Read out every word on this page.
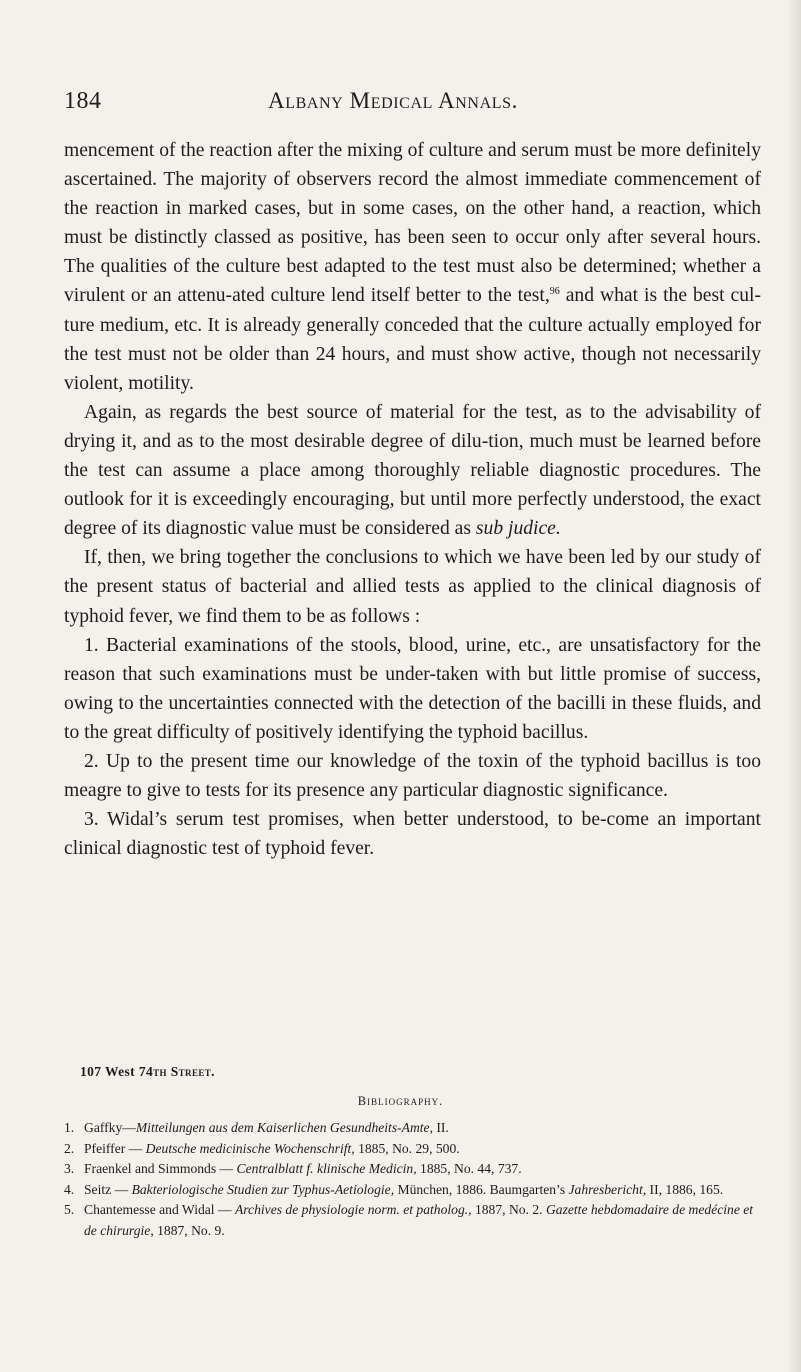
184	Albany Medical Annals.

mencement of the reaction after the mixing of culture and serum must be more definitely ascertained. The majority of observers record the almost immediate commencement of the reaction in marked cases, but in some cases, on the other hand, a reaction, which must be distinctly classed as positive, has been seen to occur only after several hours. The qualities of the culture best adapted to the test must also be determined; whether a virulent or an attenu-ated culture lend itself better to the test,$^{96}$ and what is the best cul-ture medium, etc. It is already generally conceded that the culture actually employed for the test must not be older than 24 hours, and must show active, though not necessarily violent, motility.

Again, as regards the best source of material for the test, as to the advisability of drying it, and as to the most desirable degree of dilu-tion, much must be learned before the test can assume a place among thoroughly reliable diagnostic procedures. The outlook for it is exceedingly encouraging, but until more perfectly understood, the exact degree of its diagnostic value must be considered as sub judice.

If, then, we bring together the conclusions to which we have been led by our study of the present status of bacterial and allied tests as applied to the clinical diagnosis of typhoid fever, we find them to be as follows :

1. Bacterial examinations of the stools, blood, urine, etc., are unsatisfactory for the reason that such examinations must be under-taken with but little promise of success, owing to the uncertainties connected with the detection of the bacilli in these fluids, and to the great difficulty of positively identifying the typhoid bacillus.

2. Up to the present time our knowledge of the toxin of the typhoid bacillus is too meagre to give to tests for its presence any particular diagnostic significance.

3. Widal’s serum test promises, when better understood, to be-come an important clinical diagnostic test of typhoid fever.

107 West 74th Street.
Bibliography.
1. Gaffky—Mitteilungen aus dem Kaiserlichen Gesundheits-Amte, II.
2. Pfeiffer — Deutsche medicinische Wochenschrift, 1885, No. 29, 500.
3. Fraenkel and Simmonds — Centralblatt f. klinische Medicin, 1885, No. 44, 737.
4. Seitz — Bakteriologische Studien zur Typhus-Aetiologie, München, 1886. Baumgarten’s Jahresbericht, II, 1886, 165.
5. Chantemesse and Widal — Archives de physiologie norm. et patholog., 1887, No. 2. Gazette hebdomadaire de medécine et de chirurgie, 1887, No. 9.
